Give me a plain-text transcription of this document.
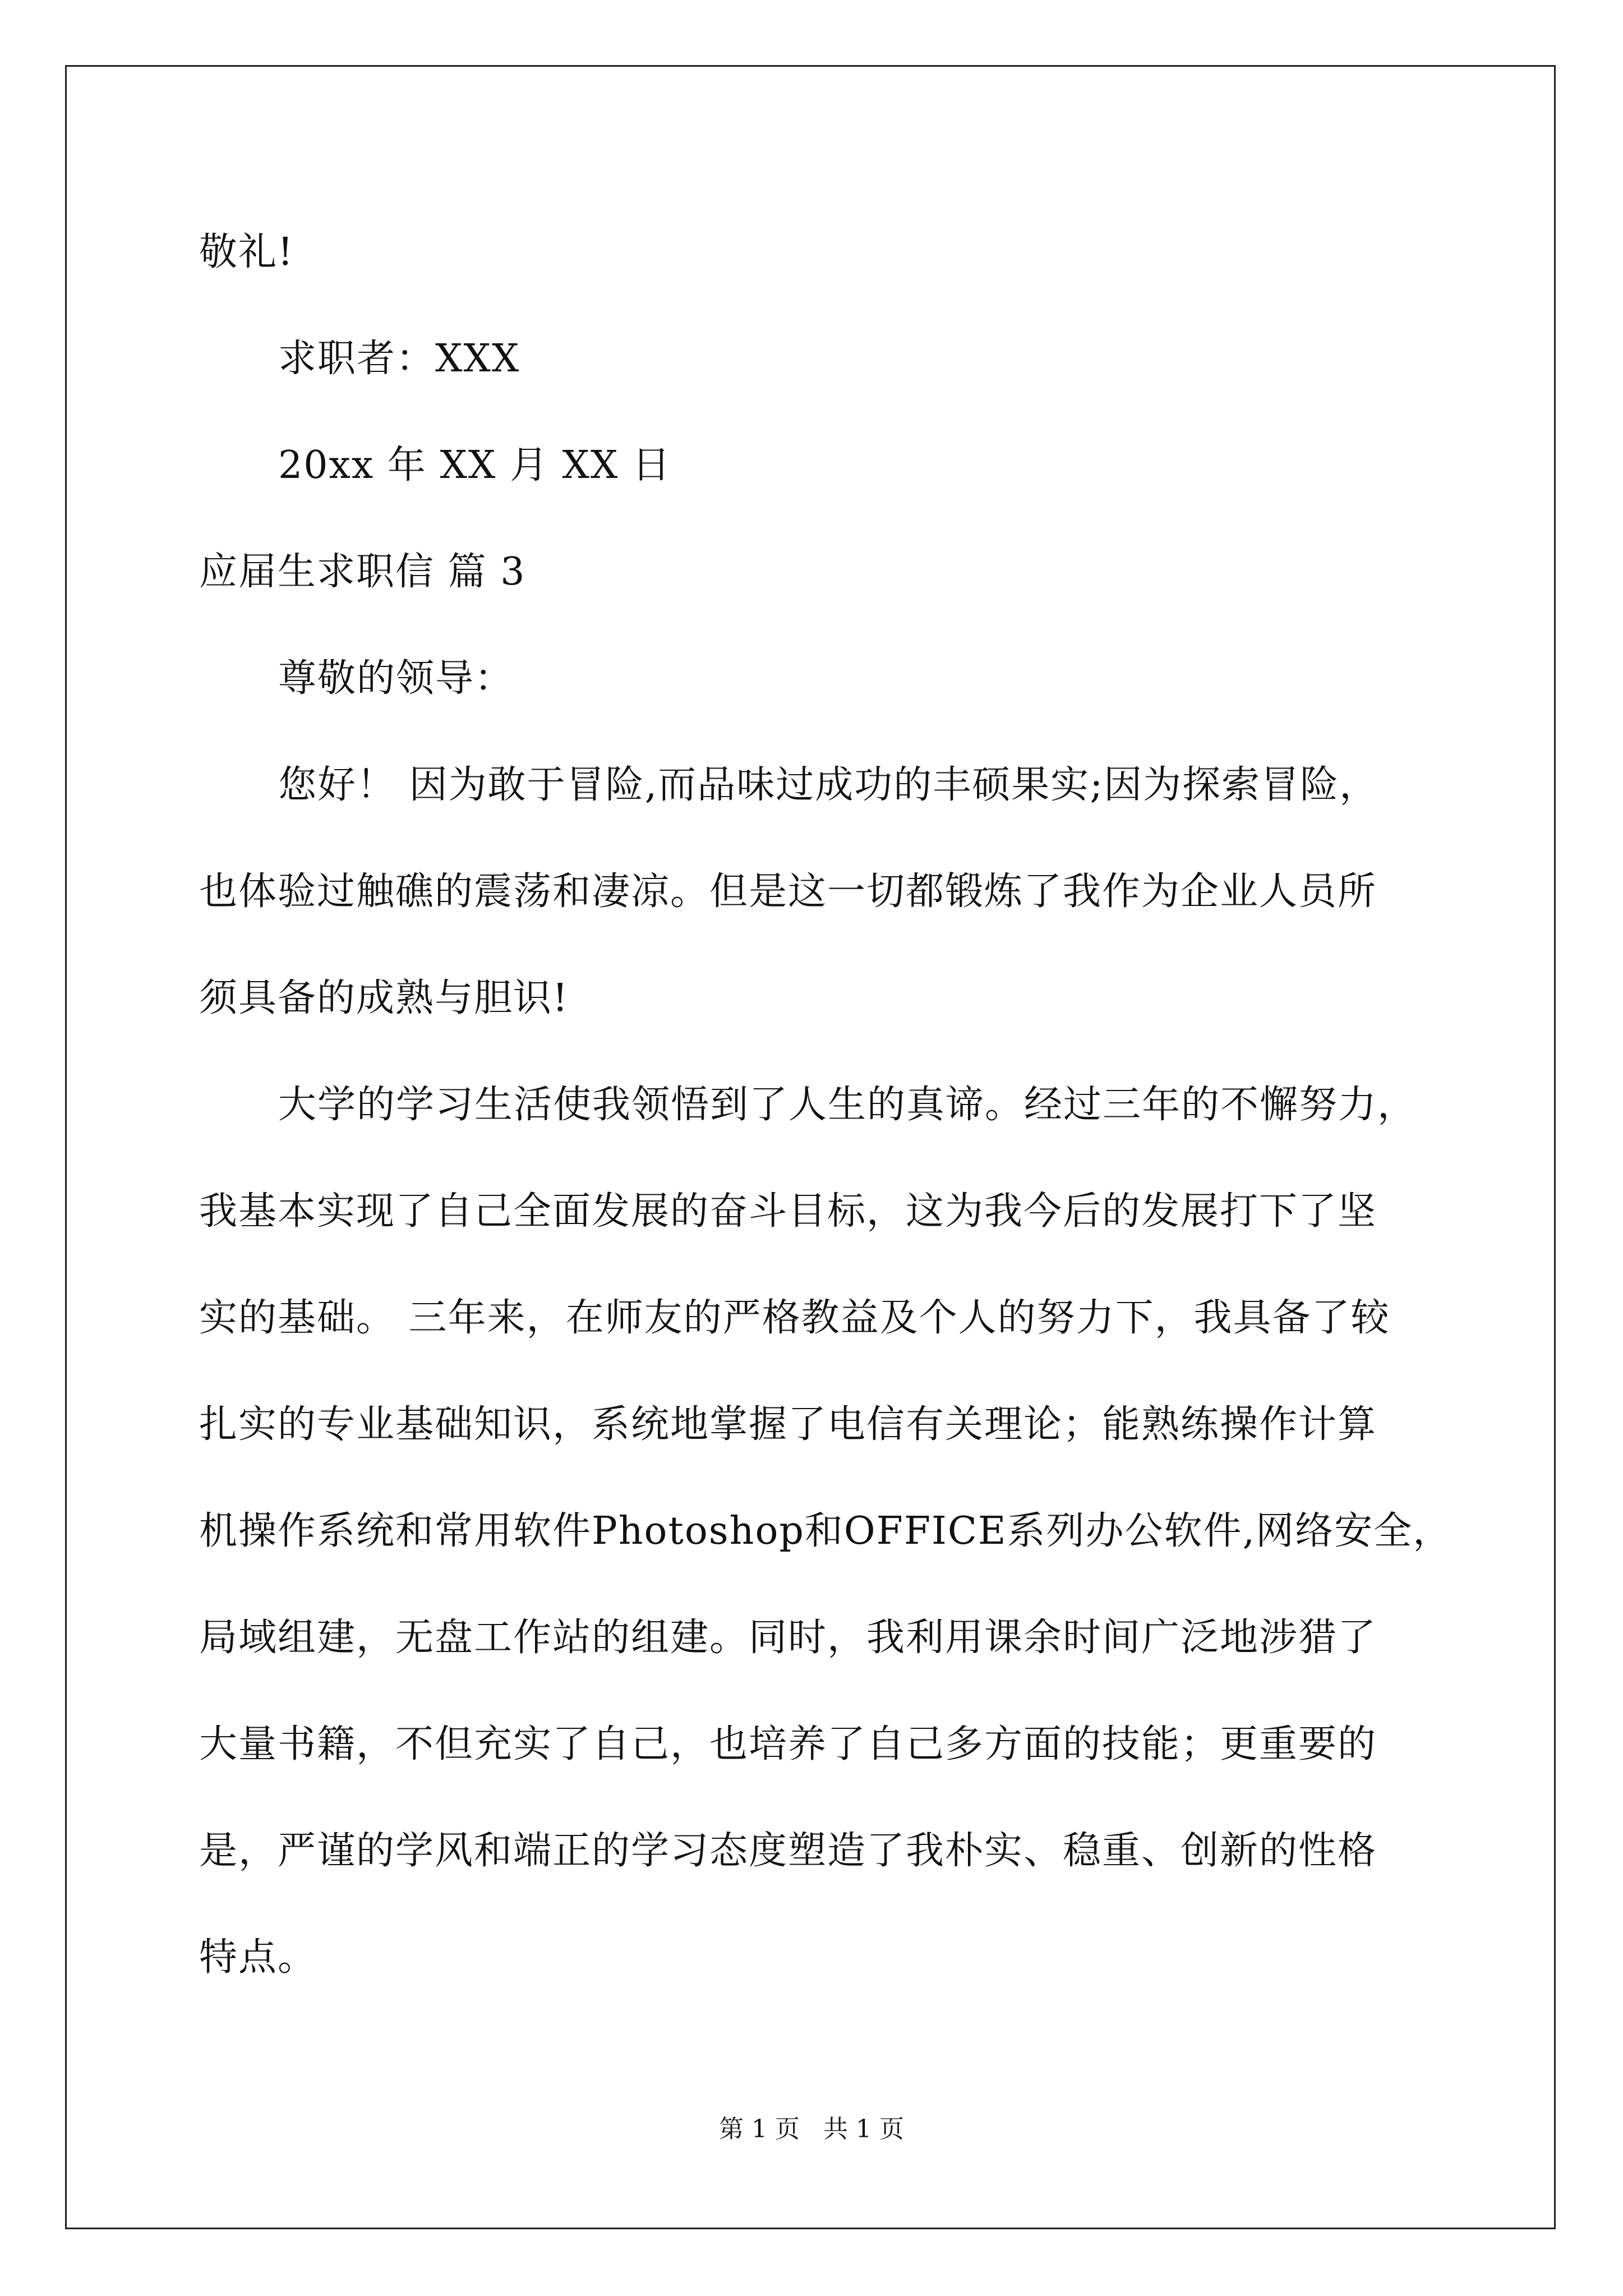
敬礼!
求职者：XXX
20xx 年 XX 月 XX 日
应届生求职信 篇 3
尊敬的领导：
您好！ 因为敢于冒险,而品味过成功的丰硕果实;因为探索冒险，
也体验过触礁的震荡和凄凉。但是这一切都锻炼了我作为企业人员所
须具备的成熟与胆识!
大学的学习生活使我领悟到了人生的真谛。经过三年的不懈努力，
我基本实现了自己全面发展的奋斗目标，这为我今后的发展打下了坚
实的基础。 三年来，在师友的严格教益及个人的努力下，我具备了较
扎实的专业基础知识，系统地掌握了电信有关理论；能熟练操作计算
机操作系统和常用软件Photoshop和OFFICE系列办公软件,网络安全，
局域组建，无盘工作站的组建。同时，我利用课余时间广泛地涉猎了
大量书籍，不但充实了自己，也培养了自己多方面的技能；更重要的
是，严谨的学风和端正的学习态度塑造了我朴实、稳重、创新的性格
特点。
第 1 页 共 1 页
